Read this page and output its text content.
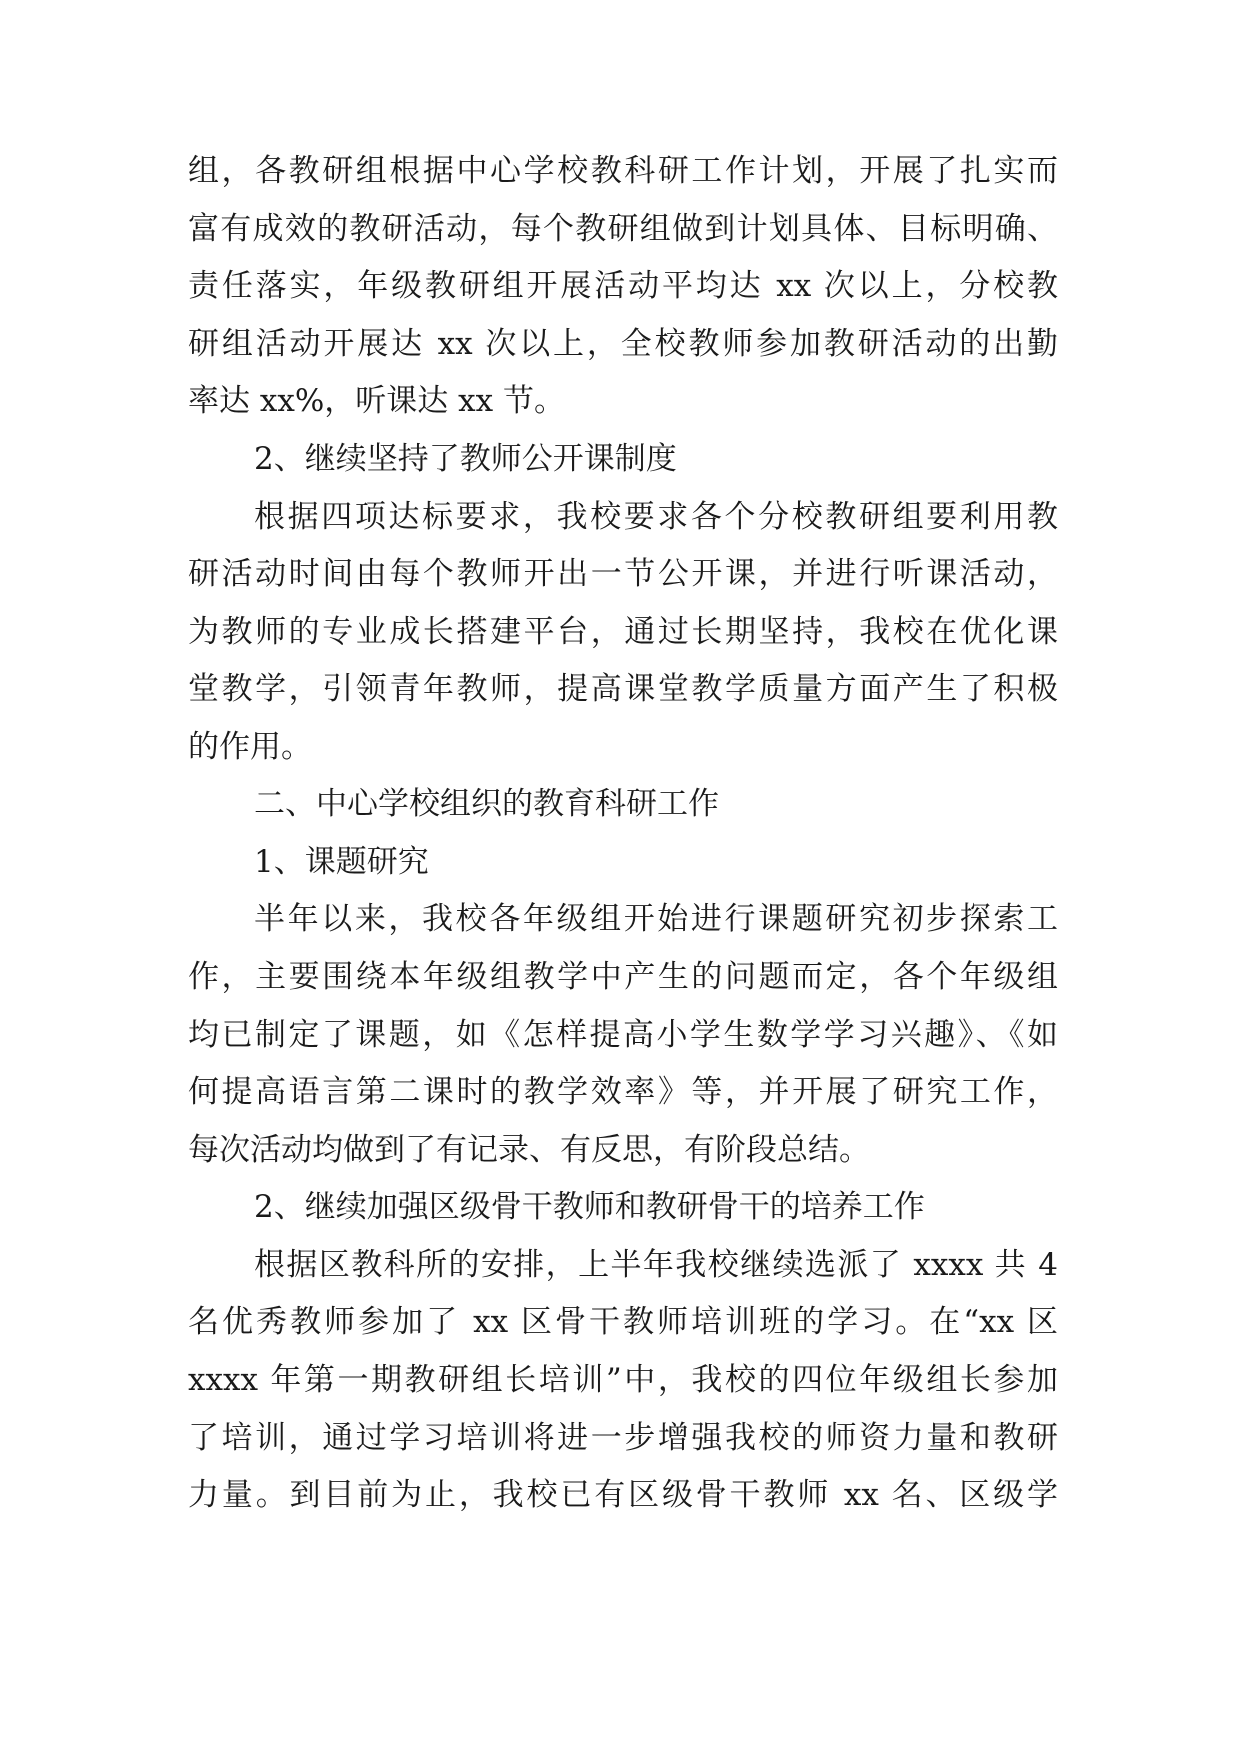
组，各教研组根据中心学校教科研工作计划，开展了扎实而
富有成效的教研活动，每个教研组做到计划具体、目标明确、
责任落实，年级教研组开展活动平均达 xx 次以上，分校教
研组活动开展达 xx 次以上，全校教师参加教研活动的出勤
率达 xx%，听课达 xx 节。
2、继续坚持了教师公开课制度
根据四项达标要求，我校要求各个分校教研组要利用教
研活动时间由每个教师开出一节公开课，并进行听课活动，
为教师的专业成长搭建平台，通过长期坚持，我校在优化课
堂教学，引领青年教师，提高课堂教学质量方面产生了积极
的作用。
二、中心学校组织的教育科研工作
1、课题研究
半年以来，我校各年级组开始进行课题研究初步探索工
作，主要围绕本年级组教学中产生的问题而定，各个年级组
均已制定了课题，如《怎样提高小学生数学学习兴趣》、《如
何提高语言第二课时的教学效率》等，并开展了研究工作，
每次活动均做到了有记录、有反思，有阶段总结。
2、继续加强区级骨干教师和教研骨干的培养工作
根据区教科所的安排，上半年我校继续选派了 xxxx 共 4
名优秀教师参加了 xx 区骨干教师培训班的学习。在“xx 区
xxxx 年第一期教研组长培训”中，我校的四位年级组长参加
了培训，通过学习培训将进一步增强我校的师资力量和教研
力量。到目前为止，我校已有区级骨干教师 xx 名、区级学
